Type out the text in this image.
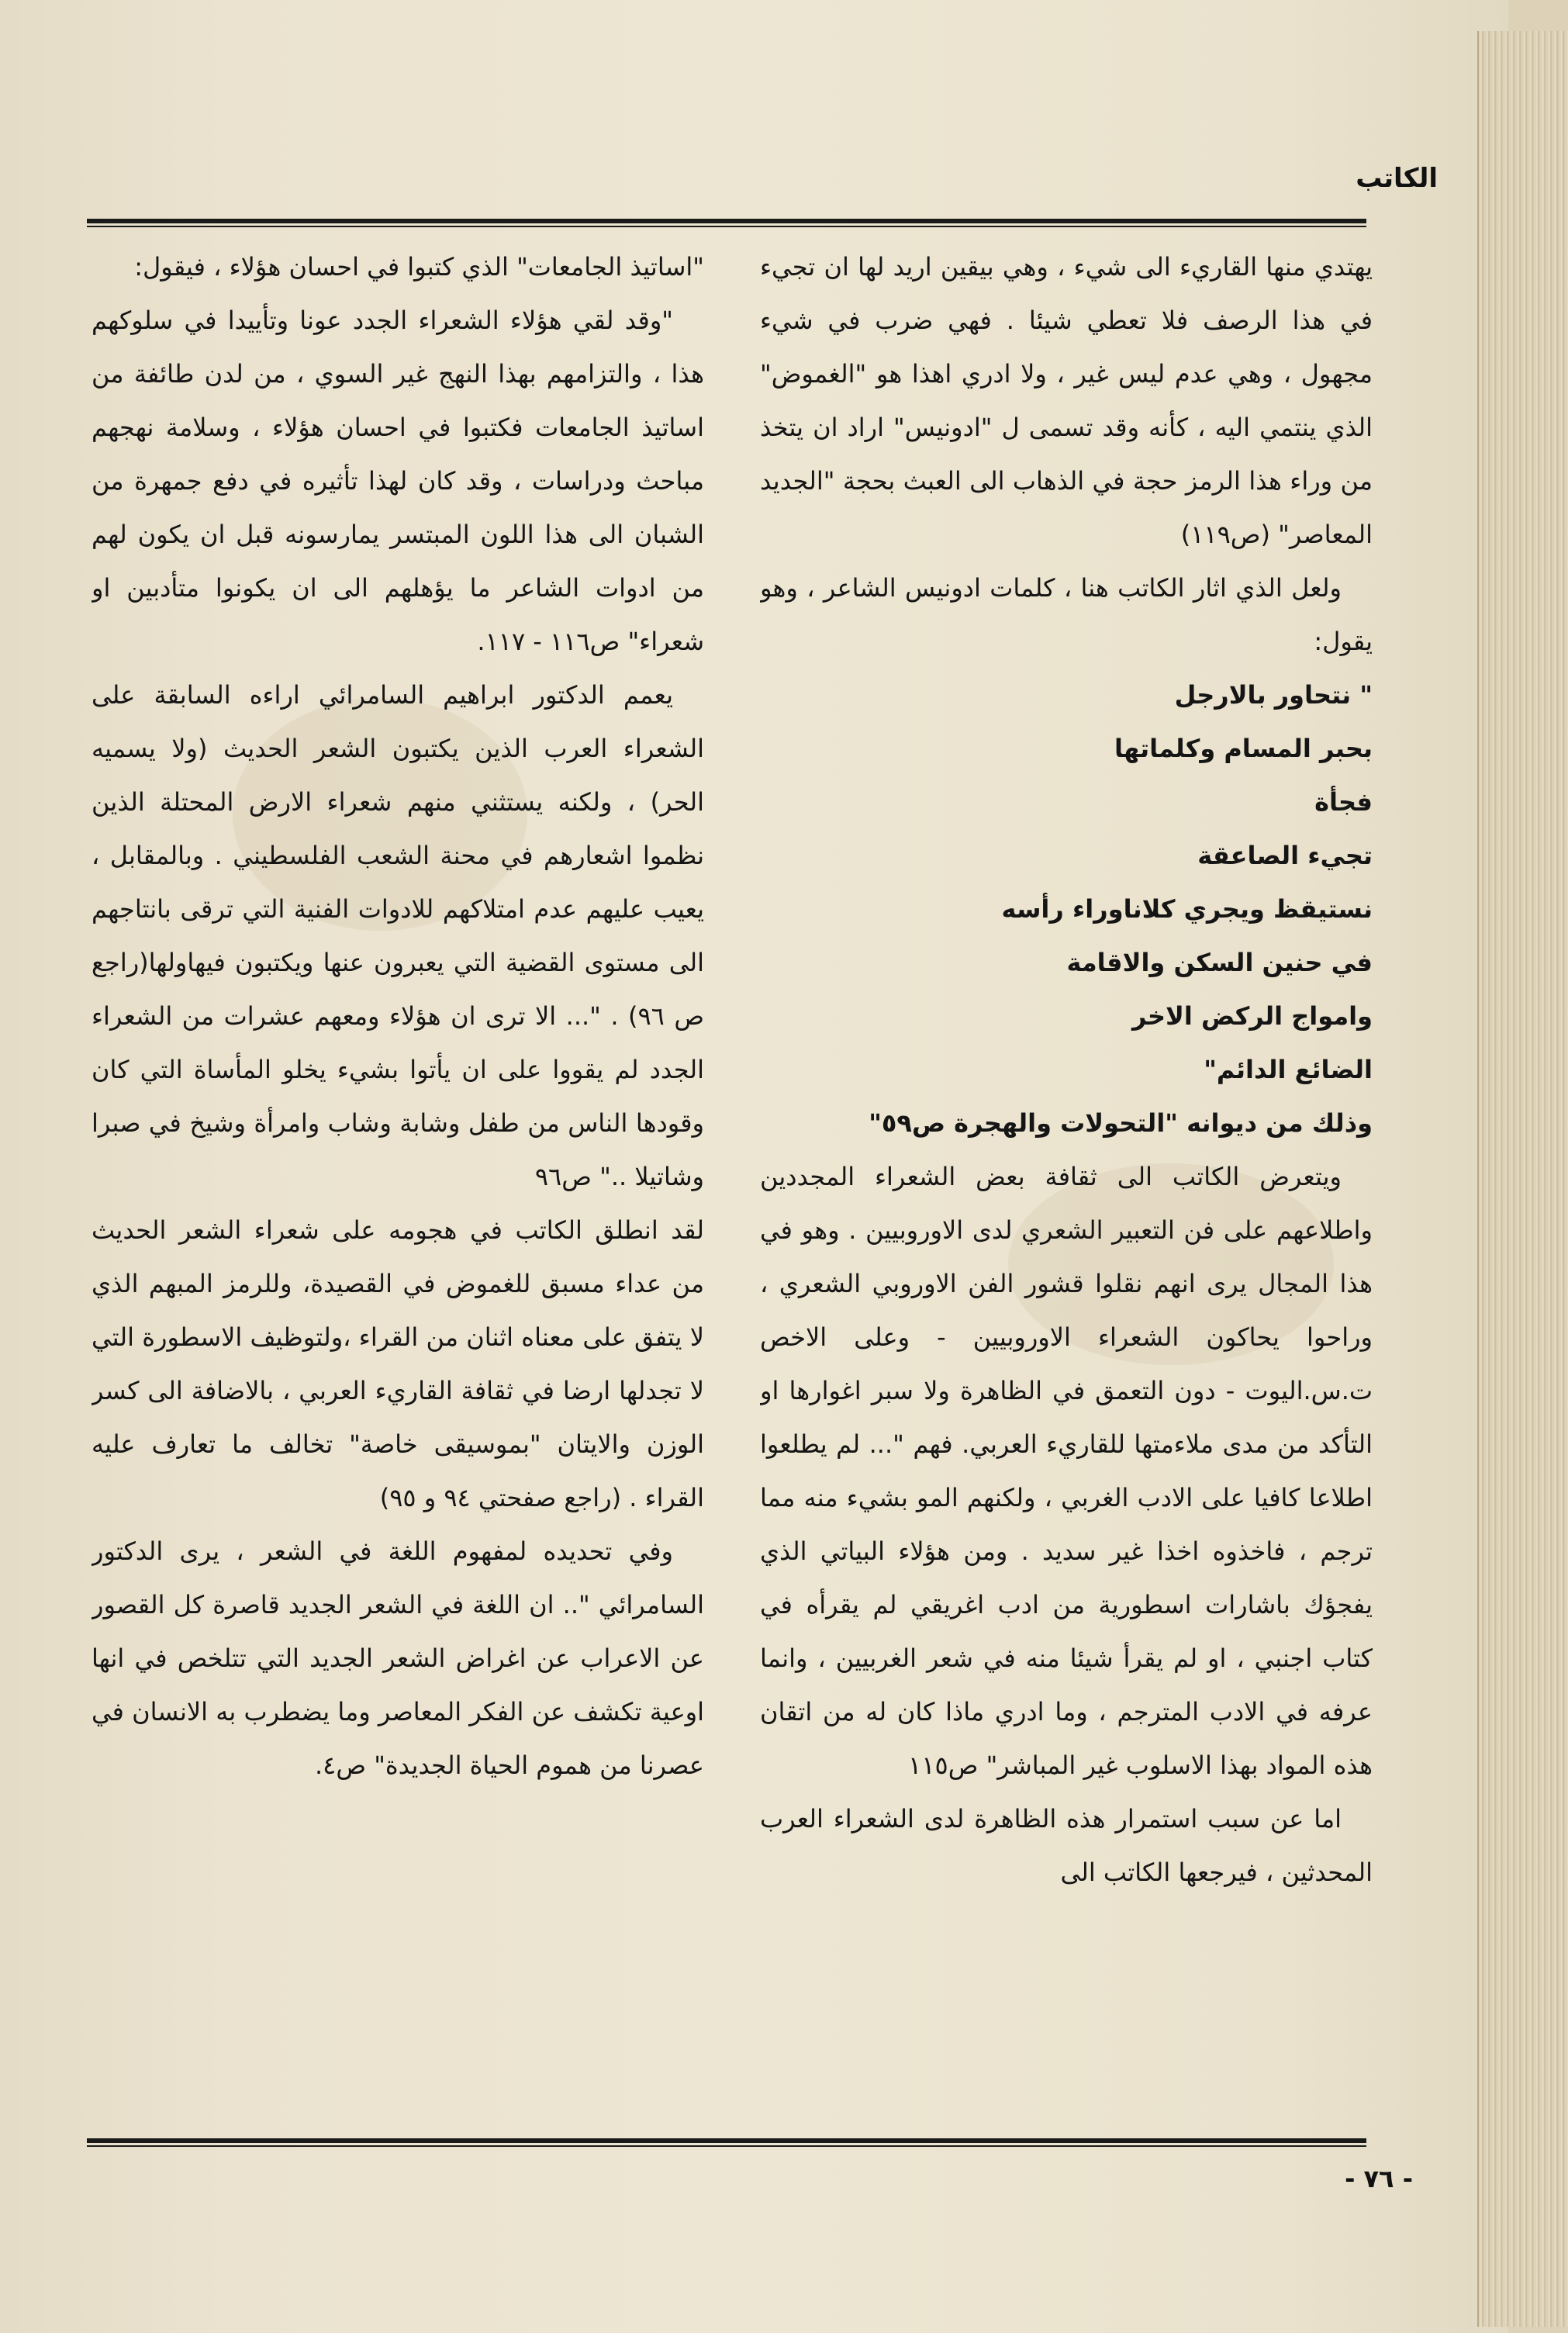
الكاتب

يهتدي منها القاريء الى شيء ، وهي بيقين اريد لها ان تجيء في هذا الرصف فلا تعطي شيئا . فهي ضرب في شيء مجهول ، وهي عدم ليس غير ، ولا ادري اهذا هو "الغموض" الذي ينتمي اليه ، كأنه وقد تسمى ل "ادونيس" اراد ان يتخذ من وراء هذا الرمز حجة في الذهاب الى العبث بحجة "الجديد المعاصر" (ص١١٩)

ولعل الذي اثار الكاتب هنا ، كلمات ادونيس الشاعر ، وهو يقول:

" نتحاور بالارجل

بحبر المسام وكلماتها

فجأة

تجيء الصاعقة

نستيقظ ويجري كلاناوراء رأسه

في حنين السكن والاقامة

وامواج الركض الاخر

الضائع الدائم"

وذلك من ديوانه "التحولات والهجرة ص٥٩"

ويتعرض الكاتب الى ثقافة بعض الشعراء المجددين واطلاعهم على فن التعبير الشعري لدى الاوروبيين . وهو في هذا المجال يرى انهم نقلوا قشور الفن الاوروبي الشعري ، وراحوا يحاكون الشعراء الاوروبيين - وعلى الاخص ت.س.اليوت - دون التعمق في الظاهرة ولا سبر اغوارها او التأكد من مدى ملاءمتها للقاريء العربي. فهم "... لم يطلعوا اطلاعا كافيا على الادب الغربي ، ولكنهم المو بشيء منه مما ترجم ، فاخذوه اخذا غير سديد . ومن هؤلاء البياتي الذي يفجؤك باشارات اسطورية من ادب اغريقي لم يقرأه في كتاب اجنبي ، او لم يقرأ شيئا منه في شعر الغربيين ، وانما عرفه في الادب المترجم ، وما ادري ماذا كان له من اتقان هذه المواد بهذا الاسلوب غير المباشر" ص١١٥

اما عن سبب استمرار هذه الظاهرة لدى الشعراء العرب المحدثين ، فيرجعها الكاتب الى

"اساتيذ الجامعات" الذي كتبوا في احسان هؤلاء ، فيقول:

"وقد لقي هؤلاء الشعراء الجدد عونا وتأييدا في سلوكهم هذا ، والتزامهم بهذا النهج غير السوي ، من لدن طائفة من اساتيذ الجامعات فكتبوا في احسان هؤلاء ، وسلامة نهجهم مباحث ودراسات ، وقد كان لهذا تأثيره في دفع جمهرة من الشبان الى هذا اللون المبتسر يمارسونه قبل ان يكون لهم من ادوات الشاعر ما يؤهلهم الى ان يكونوا متأدبين او شعراء" ص١١٦ - ١١٧.

يعمم الدكتور ابراهيم السامرائي اراءه السابقة على الشعراء العرب الذين يكتبون الشعر الحديث (ولا يسميه الحر) ، ولكنه يستثني منهم شعراء الارض المحتلة الذين نظموا اشعارهم في محنة الشعب الفلسطيني . وبالمقابل ، يعيب عليهم عدم امتلاكهم للادوات الفنية التي ترقى بانتاجهم الى مستوى القضية التي يعبرون عنها ويكتبون فيهاولها(راجع ص ٩٦) . "... الا ترى ان هؤلاء ومعهم عشرات من الشعراء الجدد لم يقووا على ان يأتوا بشيء يخلو المأساة التي كان وقودها الناس من طفل وشابة وشاب وامرأة وشيخ في صبرا وشاتيلا .." ص٩٦

لقد انطلق الكاتب في هجومه على شعراء الشعر الحديث من عداء مسبق للغموض في القصيدة، وللرمز المبهم الذي لا يتفق على معناه اثنان من القراء ،ولتوظيف الاسطورة التي لا تجدلها ارضا في ثقافة القاريء العربي ، بالاضافة الى كسر الوزن والايتان "بموسيقى خاصة" تخالف ما تعارف عليه القراء . (راجع صفحتي ٩٤ و ٩٥)

وفي تحديده لمفهوم اللغة في الشعر ، يرى الدكتور السامرائي ".. ان اللغة في الشعر الجديد قاصرة كل القصور عن الاعراب عن اغراض الشعر الجديد التي تتلخص في انها اوعية تكشف عن الفكر المعاصر وما يضطرب به الانسان في عصرنا من هموم الحياة الجديدة" ص٤.

- ٧٦ -
